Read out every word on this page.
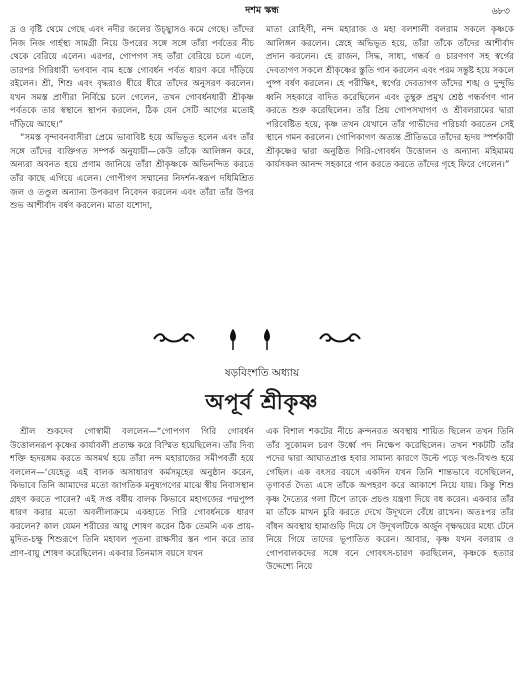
দশম স্কন্ধ	৬৮৩

দ্র ও বৃষ্টি থেমে গেছে এবং নদীর জলের উচ্ছ্বাসও কমে গেছে। তাঁদের নিজ নিজ গার্হস্থ্য সামগ্রী নিয়ে উপরের সঙ্গে সঙ্গে তাঁরা পর্বতের নীচ থেকে বেরিয়ে এলেন। এরপর, গোপগণ সহ তাঁরা বেরিয়ে চলে এলে, তারপর গিরিধারী ভগবান বাম হস্তে গোবর্ধন পর্বত ধারণ করে দাঁড়িয়ে রইলেন। শ্রী, শিশু এবং বৃদ্ধরাও ধীরে ধীরে তাঁদের অনুসরণ করলেন। যখন সমস্ত প্রাণীরা নির্বিঘ্নে চলে গেলেন, তখন গোবর্ধনধারী শ্রীকৃষ্ণ পর্বতকে তার স্বস্থানে স্থাপন করলেন, ঠিক যেন সেটি আগের মতোই দাঁড়িয়ে আছে।”

“সমস্ত বৃন্দাবনবাসীরা প্রেমে ভাবাবিষ্ট হয়ে অভিভূত হলেন এবং তাঁর সঙ্গে তাঁদের ব্যক্তিগত সম্পর্ক অনুযায়ী—কেউ তাঁকে আলিঙ্গন করে, অন্যরা অবনত হয়ে প্রণাম জানিয়ে তাঁরা শ্রীকৃষ্ণকে অভিনন্দিত করতে তাঁর কাছে এগিয়ে এলেন। গোপীগণ সম্মানের নিদর্শন-স্বরূপ দধিমিশ্রিত জল ও তণ্ডুল অন্যান্য উপকরণ নিবেদন করলেন এবং তাঁরা তাঁর উপর শুভ আশীর্বাদ বর্ষণ করলেন। মাতা যশোদা,

মাতা রোহিণী, নন্দ মহারাজ ও মহা বলশালী বলরাম সকলে কৃষ্ণকে আলিঙ্গন করলেন। স্নেহে অভিভূত হয়ে, তাঁরা তাঁকে তাঁদের আশীর্বাদ প্রদান করলেন। হে রাজন, সিদ্ধ, সাধ্য, গন্ধর্ব ও চারণগণ সহ স্বর্গের দেবতাগণ সকলে শ্রীকৃষ্ণের স্তুতি গান করলেন এবং পরম সন্তুষ্ট হয়ে সকলে পুষ্প বর্ষণ করলেন। হে পরীক্ষিৎ, স্বর্গের দেবতাগণ তাঁদের শঙ্খ ও দুন্দুভি ধ্বনি সহকারে বাদিত করেছিলেন এবং তুম্বুরু প্রমুখ শ্রেষ্ঠ গন্ধর্বগণ গান করতে শুরু করেছিলেন। তাঁর প্রিয় গোপসখাগণ ও শ্রীবলরামের দ্বারা পরিবেষ্টিত হয়ে, কৃষ্ণ তখন যেখানে তাঁর গাভীদের পরিচর্যা করতেন সেই স্থানে গমন করলেন। গোপিকাগণ অত্যন্ত প্রীতিভরে তাঁদের হৃদয় স্পর্শকারী শ্রীকৃষ্ণের দ্বারা অনুষ্ঠিত গিরি-গোবর্ধন উত্তোলন ও অন্যান্য মহিমাময় কার্যসকল আনন্দ সহকারে গান করতে করতে তাঁদের গৃহে ফিরে গেলেন।”

ষড়বিংশতি অধ্যায়
অপূর্ব শ্রীকৃষ্ণ

শ্রীল শুকদেব গোস্বামী বললেন—“গোপগণ গিরি গোবর্ধন উত্তোলনরূপ কৃষ্ণের কার্যাবলী প্রত্যক্ষ করে বিস্মিত হয়েছিলেন। তাঁর দিব্য শক্তি হৃদয়ঙ্গম করতে অসমর্থ হয়ে তাঁরা নন্দ মহারাজের সমীপবর্তী হয়ে বললেন—‘যেহেতু এই বালক অসাধারণ কর্মসমূহের অনুষ্ঠান করেন, কিভাবে তিনি আমাদের মতো জাগতিক মনুষ্যগণের মাঝে স্বীয় নিবাসস্থান গ্রহণ করতে পারেন? এই সপ্ত বর্ষীয় বালক কিভাবে মহাগজের পদ্মপুষ্প ধারণ করার মতো অবলীলাক্রমে একহাতে গিরি গোবর্ধনকে ধারণ করলেন? কাল যেমন শরীরের আয়ু শোষণ করেন ঠিক তেমনি এক প্রায়-মুদিত-চক্ষু শিশুরূপে তিনি মহাবল পূতনা রাক্ষসীর স্তন পান করে তার প্রাণ-বায়ু শোষণ করেছিলেন। একবার তিনমাস বয়সে যখন

এক বিশাল শকটের নীচে ক্রন্দনরত অবস্থায় শায়িত ছিলেন তখন তিনি তাঁর সুকোমল চরণ উর্ধ্বে পদ নিক্ষেপ করেছিলেন। তখন শকটটি তাঁর পদের দ্বারা আঘাতপ্রাপ্ত হবার সামান্য কারণে উল্টে পড়ে খণ্ড-বিখণ্ড হয়ে গেছিল। এক বৎসর বয়সে একদিন যখন তিনি শান্তভাবে বসেছিলেন, তৃণাবর্ত দৈত্য এসে তাঁকে অপহরণ করে আকাশে নিয়ে যায়। কিন্তু শিশু কৃষ্ণ দৈত্যের গলা টিপে তাকে প্রচণ্ড যন্ত্রণা দিয়ে বধ করেন। একবার তাঁর মা তাঁকে মাখন চুরি করতে দেখে উদূখলে বেঁধে রাখেন। অতঃপর তাঁর বাঁধন অবস্থায় হামাগুড়ি দিয়ে সে উদূখলটিকে অর্জুন বৃক্ষদ্বয়ের মধ্যে টেনে নিয়ে গিয়ে তাদের ভূপাতিত করেন। আবার, কৃষ্ণ যখন বলরাম ও গোপবালকদের সঙ্গে বনে গোবৎস-চারণ করছিলেন, কৃষ্ণকে হত্যার উদ্দেশ্যে নিয়ে
